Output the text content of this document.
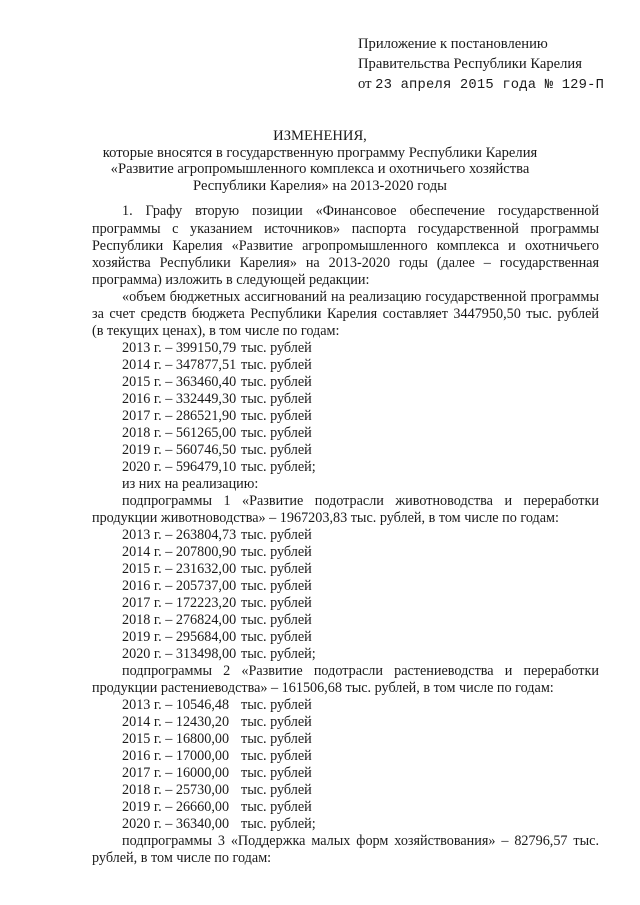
Приложение к постановлению
Правительства Республики Карелия
от 23 апреля 2015 года № 129-П
ИЗМЕНЕНИЯ,
которые вносятся в государственную программу Республики Карелия
«Развитие агропромышленного комплекса и охотничьего хозяйства
Республики Карелия» на 2013-2020 годы
1. Графу вторую позиции «Финансовое обеспечение государственной
программы с указанием источников» паспорта государственной программы
Республики Карелия «Развитие агропромышленного комплекса и охотничьего
хозяйства Республики Карелия» на 2013-2020 годы (далее – государственная
программа) изложить в следующей редакции:
«объем бюджетных ассигнований на реализацию государственной программы
за счет средств бюджета Республики Карелия составляет 3447950,50 тыс. рублей
(в текущих ценах), в том числе по годам:
2013 г. – 399150,79 тыс. рублей
2014 г. – 347877,51 тыс. рублей
2015 г. – 363460,40 тыс. рублей
2016 г. – 332449,30 тыс. рублей
2017 г. – 286521,90 тыс. рублей
2018 г. – 561265,00 тыс. рублей
2019 г. – 560746,50 тыс. рублей
2020 г. – 596479,10 тыс. рублей;
из них на реализацию:
подпрограммы 1 «Развитие подотрасли животноводства и переработки
продукции животноводства» – 1967203,83 тыс. рублей, в том числе по годам:
2013 г. – 263804,73 тыс. рублей
2014 г. – 207800,90 тыс. рублей
2015 г. – 231632,00 тыс. рублей
2016 г. – 205737,00 тыс. рублей
2017 г. – 172223,20 тыс. рублей
2018 г. – 276824,00 тыс. рублей
2019 г. – 295684,00 тыс. рублей
2020 г. – 313498,00 тыс. рублей;
подпрограммы 2 «Развитие подотрасли растениеводства и переработки
продукции растениеводства» – 161506,68 тыс. рублей, в том числе по годам:
2013 г. – 10546,48 тыс. рублей
2014 г. – 12430,20 тыс. рублей
2015 г. – 16800,00 тыс. рублей
2016 г. – 17000,00 тыс. рублей
2017 г. – 16000,00 тыс. рублей
2018 г. – 25730,00 тыс. рублей
2019 г. – 26660,00 тыс. рублей
2020 г. – 36340,00 тыс. рублей;
подпрограммы 3 «Поддержка малых форм хозяйствования» – 82796,57 тыс.
рублей, в том числе по годам:
